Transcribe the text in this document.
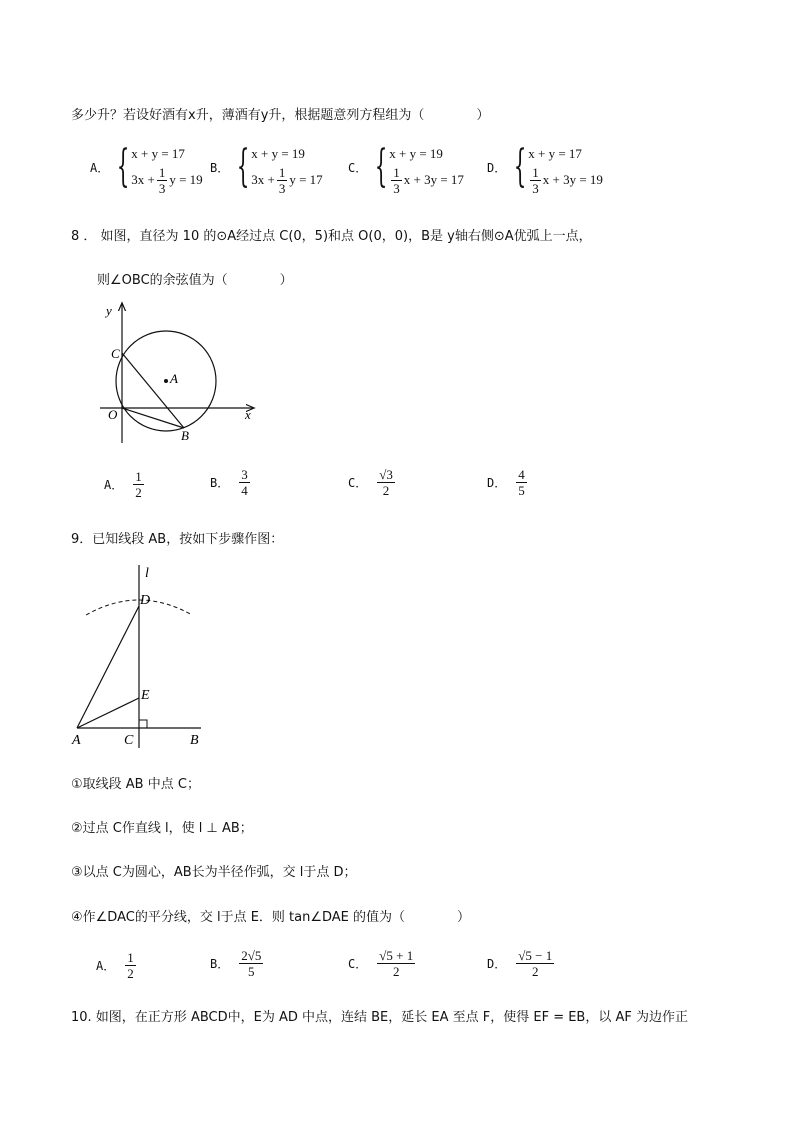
多少升？若设好酒有x升，薄酒有y升，根据题意列方程组为（　　　　）
A． { x + y = 17
$3x + \frac{1}{3}$ y = 19
B． { x + y = 19
$3x + \frac{1}{3}$ y = 17
C． { x + y = 19
$\frac{1}{3}$ x + 3y = 17
D． { x + y = 17
$\frac{1}{3}$ x + 3y = 19
8 ． 如图，直径为 10 的⊙A经过点 C(0，5)和点 O(0，0)，B是 y轴右侧⊙A优弧上一点，
则∠OBC的余弦值为（　　　　）
y
x
C
A
O
B
A． $\frac{1}{2}$	B． $\frac{3}{4}$	C． $\frac{√3}{2}$	D． $\frac{4}{5}$
9．已知线段 AB，按如下步骤作图：
l
D
E
A	C	B
①取线段 AB 中点 C；
②过点 C作直线 l，使 l ⊥ AB；
③以点 C为圆心，AB长为半径作弧，交 l于点 D；
④作∠DAC的平分线，交 l于点 E．则 tan∠DAE 的值为（　　　　）
A． $\frac{1}{2}$	B． $\frac{2√5}{5}$	C． $\frac{√5 + 1}{2}$	D． $\frac{√5 - 1}{2}$
10. 如图，在正方形 ABCD中，E为 AD 中点，连结 BE，延长 EA 至点 F，使得 EF = EB，以 AF 为边作正
